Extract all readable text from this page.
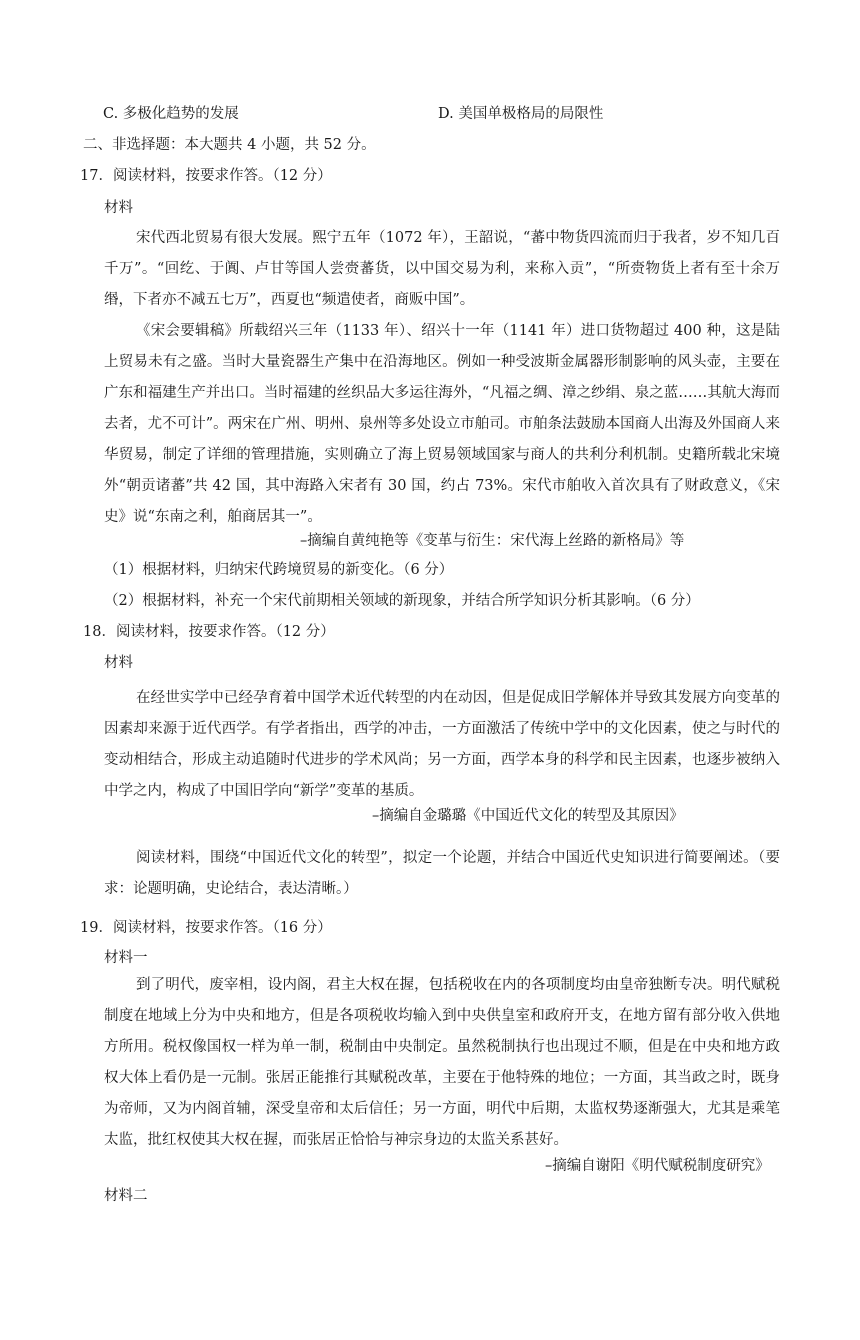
C. 多极化趋势的发展	D. 美国单极格局的局限性
二、非选择题：本大题共 4 小题，共 52 分。
17．阅读材料，按要求作答。（12 分）
材料
宋代西北贸易有很大发展。熙宁五年（1072 年），王韶说，“蕃中物货四流而归于我者，岁不知几百千万”。“回纥、于阗、卢甘等国人尝赍蕃货，以中国交易为利，来称入贡”，“所赍物货上者有至十余万缗，下者亦不减五七万”，西夏也“频遣使者，商贩中国”。
《宋会要辑稿》所载绍兴三年（1133 年）、绍兴十一年（1141 年）进口货物超过 400 种，这是陆上贸易未有之盛。当时大量瓷器生产集中在沿海地区。例如一种受波斯金属器形制影响的风头壶，主要在广东和福建生产并出口。当时福建的丝织品大多运往海外，“凡福之绸、漳之纱绢、泉之蓝……其航大海而去者，尤不可计”。两宋在广州、明州、泉州等多处设立市舶司。市舶条法鼓励本国商人出海及外国商人来华贸易，制定了详细的管理措施，实则确立了海上贸易领域国家与商人的共利分利机制。史籍所载北宋境外“朝贡诸蕃”共 42 国，其中海路入宋者有 30 国，约占 73%。宋代市舶收入首次具有了财政意义，《宋史》说“东南之利，舶商居其一”。
–摘编自黄纯艳等《变革与衍生：宋代海上丝路的新格局》等
（1）根据材料，归纳宋代跨境贸易的新变化。（6 分）
（2）根据材料，补充一个宋代前期相关领域的新现象，并结合所学知识分析其影响。（6 分）
18．阅读材料，按要求作答。（12 分）
材料
在经世实学中已经孕育着中国学术近代转型的内在动因，但是促成旧学解体并导致其发展方向变革的因素却来源于近代西学。有学者指出，西学的冲击，一方面激活了传统中学中的文化因素，使之与时代的变动相结合，形成主动追随时代进步的学术风尚；另一方面，西学本身的科学和民主因素，也逐步被纳入中学之内，构成了中国旧学向“新学”变革的基质。
–摘编自金璐璐《中国近代文化的转型及其原因》
阅读材料，围绕“中国近代文化的转型”，拟定一个论题，并结合中国近代史知识进行简要阐述。（要求：论题明确，史论结合，表达清晰。）
19．阅读材料，按要求作答。（16 分）
材料一
到了明代，废宰相，设内阁，君主大权在握，包括税收在内的各项制度均由皇帝独断专决。明代赋税制度在地域上分为中央和地方，但是各项税收均输入到中央供皇室和政府开支，在地方留有部分收入供地方所用。税权像国权一样为单一制，税制由中央制定。虽然税制执行也出现过不顺，但是在中央和地方政权大体上看仍是一元制。张居正能推行其赋税改革，主要在于他特殊的地位；一方面，其当政之时，既身为帝师，又为内阁首辅，深受皇帝和太后信任；另一方面，明代中后期，太监权势逐渐强大，尤其是乘笔太监，批红权使其大权在握，而张居正恰恰与神宗身边的太监关系甚好。
–摘编自谢阳《明代赋税制度研究》
材料二
